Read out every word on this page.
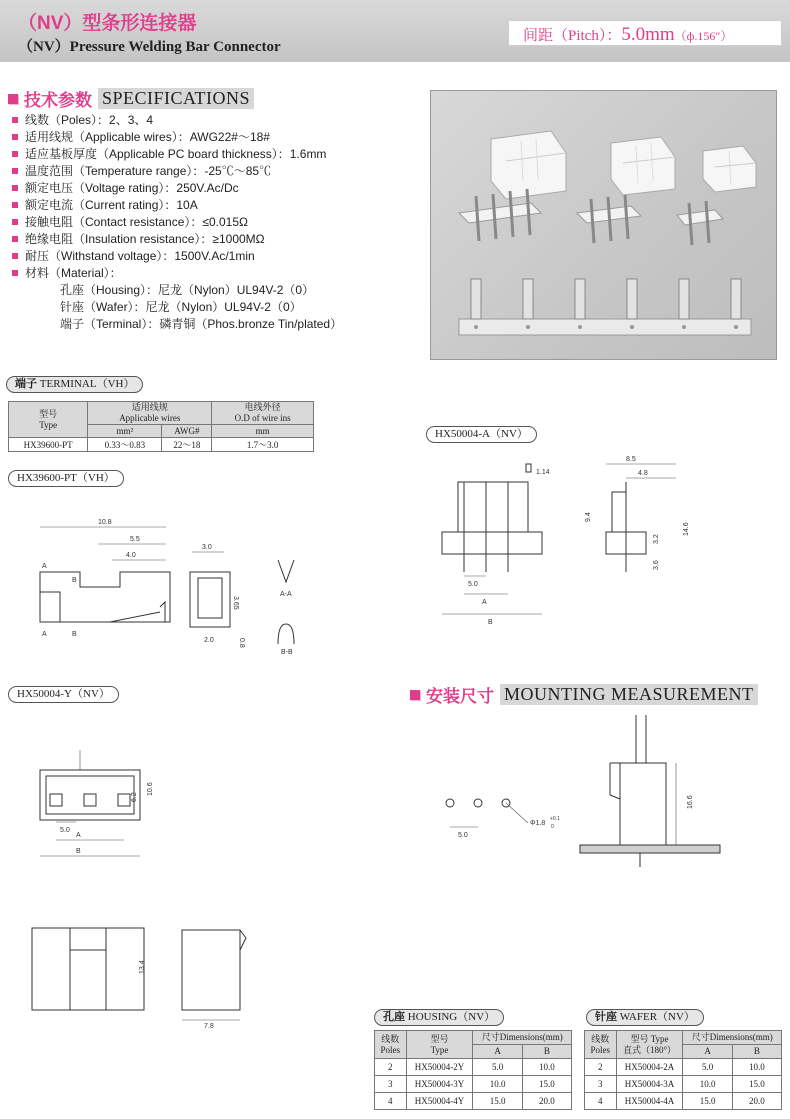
（NV）型条形连接器
（NV）Pressure Welding Bar Connector
间距（Pitch）：5.0mm（ф.156"）
技术参数 SPECIFICATIONS
线数（Poles）：2、3、4
适用线规（Applicable wires）：AWG22#～18#
适应基板厚度（Applicable PC board thickness）：1.6mm
温度范围（Temperature range）：-25℃～85℃
额定电压（Voltage rating）：250V.Ac/Dc
额定电流（Current rating）：10A
接触电阻（Contact resistance）：≤0.015Ω
绝缘电阻（Insulation resistance）：≥1000MΩ
耐压（Withstand voltage）：1500V.Ac/1min
材料（Material）：
孔座（Housing）：尼龙（Nylon）UL94V-2（0）
针座（Wafer）：尼龙（Nylon）UL94V-2（0）
端子（Terminal）：磷青铜（Phos.bronze Tin/plated）
端子 TERMINAL（VH）
型号
Type	适用线规
Applicable wires		电线外径
O.D of wire ins
	mm²	AWG#	mm
HX39600-PT	0.33～0.83	22～18	1.7～3.0
HX50004-A（NV）
HX39600-PT（VH）
HX50004-Y（NV）
10.8
5.5
4.0
A
B
A	B
3.0
3.65
2.0	0.8
A-A
B-B
1.14
5.0
A
B
8.5
4.8
9.4
3.2
14.6
3.6
6.2
10.6
5.0
A
B
13.4
7.8
安装尺寸 MOUNTING MEASUREMENT
5.0
Φ1.8
+0.1
0
16.6
孔座 HOUSING（NV）
线数
Poles	型号
Type	尺寸Dimensions(mm)	
		A	B
2	HX50004-2Y	5.0	10.0
3	HX50004-3Y	10.0	15.0
4	HX50004-4Y	15.0	20.0
针座 WAFER（NV）
线数
Poles	型号 Type
直式（180°）	尺寸Dimensions(mm)	
		A	B
2	HX50004-2A	5.0	10.0
3	HX50004-3A	10.0	15.0
4	HX50004-4A	15.0	20.0
